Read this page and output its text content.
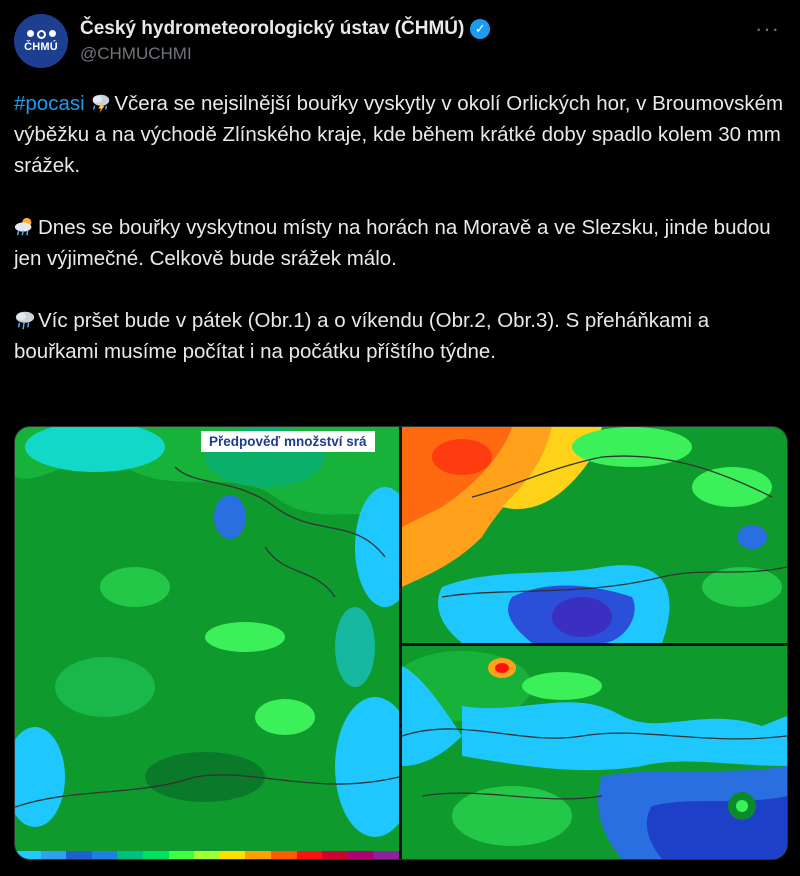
ČHMÚ
Český hydrometeorologický ústav (ČHMÚ) ✓
@CHMUCHMI
···

#pocasi Včera se nejsilnější bouřky vyskytly v okolí Orlických hor, v Broumovském výběžku a na východě Zlínského kraje, kde během krátké doby spadlo kolem 30 mm srážek.

Dnes se bouřky vyskytnou místy na horách na Moravě a ve Slezsku, jinde budou jen výjimečné. Celkově bude srážek málo.

Víc pršet bude v pátek (Obr.1) a o víkendu (Obr.2, Obr.3). S přeháňkami a bouřkami musíme počítat i na počátku příštího týdne.

Předpověď množství srá
